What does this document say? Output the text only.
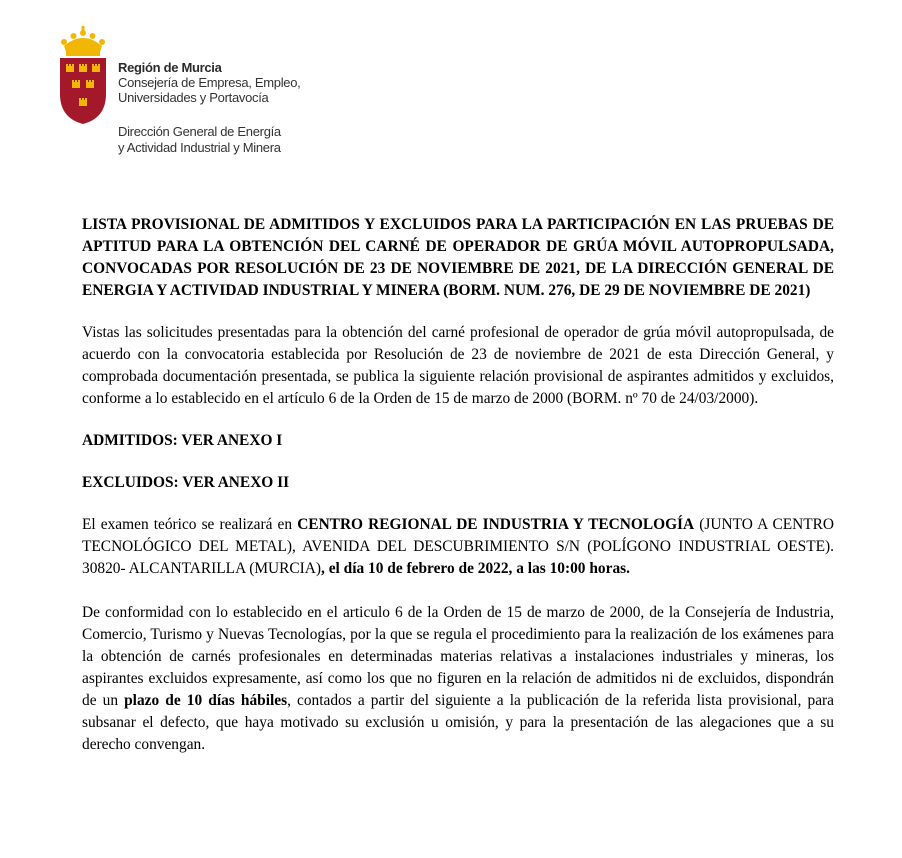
Región de Murcia
Consejería de Empresa, Empleo,
Universidades y Portavocía
Dirección General de Energía
y Actividad Industrial y Minera

LISTA PROVISIONAL DE ADMITIDOS Y EXCLUIDOS PARA LA PARTICIPACIÓN EN LAS PRUEBAS DE APTITUD PARA LA OBTENCIÓN DEL CARNÉ DE OPERADOR DE GRÚA MÓVIL AUTOPROPULSADA, CONVOCADAS POR RESOLUCIÓN DE 23 DE NOVIEMBRE DE 2021, DE LA DIRECCIÓN GENERAL DE ENERGIA Y ACTIVIDAD INDUSTRIAL Y MINERA (BORM. NUM. 276, DE 29 DE NOVIEMBRE DE 2021)

Vistas las solicitudes presentadas para la obtención del carné profesional de operador de grúa móvil autopropulsada, de acuerdo con la convocatoria establecida por Resolución de 23 de noviembre de 2021 de esta Dirección General, y comprobada documentación presentada, se publica la siguiente relación provisional de aspirantes admitidos y excluidos, conforme a lo establecido en el artículo 6 de la Orden de 15 de marzo de 2000 (BORM. nº 70 de 24/03/2000).

ADMITIDOS: VER ANEXO I

EXCLUIDOS: VER ANEXO II

El examen teórico se realizará en CENTRO REGIONAL DE INDUSTRIA Y TECNOLOGÍA (JUNTO A CENTRO TECNOLÓGICO DEL METAL), AVENIDA DEL DESCUBRIMIENTO S/N (POLÍGONO INDUSTRIAL OESTE). 30820- ALCANTARILLA (MURCIA), el día 10 de febrero de 2022, a las 10:00 horas.

De conformidad con lo establecido en el articulo 6 de la Orden de 15 de marzo de 2000, de la Consejería de Industria, Comercio, Turismo y Nuevas Tecnologías, por la que se regula el procedimiento para la realización de los exámenes para la obtención de carnés profesionales en determinadas materias relativas a instalaciones industriales y mineras, los aspirantes excluidos expresamente, así como los que no figuren en la relación de admitidos ni de excluidos, dispondrán de un plazo de 10 días hábiles, contados a partir del siguiente a la publicación de la referida lista provisional, para subsanar el defecto, que haya motivado su exclusión u omisión, y para la presentación de las alegaciones que a su derecho convengan.
